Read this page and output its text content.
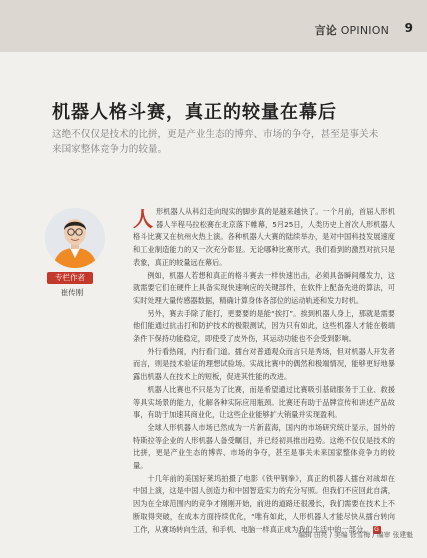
言论 OPINION 9
机器人格斗赛，真正的较量在幕后
这绝不仅仅是技术的比拼，更是产业生态的博弈、市场的争夺，甚至是事关未来国家整体竞争力的较量。
专栏作者
崔传刚

人形机器人从科幻走向现实的脚步真的是越来越快了。一个月前，首届人形机器人半程马拉松赛在北京落下帷幕，5月25日，人类历史上首次人形机器人格斗比赛又在杭州火热上演。各种机器人大赛的陆续举办，是对中国科技发展速度和工业制造能力的又一次充分彰显。无论哪种比赛形式，我们看到的激烈对抗只是表象，真正的较量远在幕后。

例如，机器人若想和真正的格斗赛去一样快速出击，必须具备瞬间爆发力，这就需要它们在硬件上具备实现快速响应的关键部件，在软件上配备先进的算法，可实时处理大量传感器数据，精确计算身体各部位的运动轨迹和发力时机。

另外，赛去手除了能打，更要要的是能“挨打”。挨到机器人身上，那就是需要他们能通过抗击打和防护技术的极限测试，因为只有如此，这些机器人才能在极端条件下保持功能稳定，即使受了皮外伤，其运动功能也不会受到影响。

外行看热闹，内行看门道。擂台对普通观众而言只是秀场，但对机器人开发者而言，则是技术验证的理想试验场。实战比赛中的偶然和极端情况，能够更好地暴露出机器人在技术上的短板，促进其性能的改进。

机器人比赛也不只是为了比赛，而是希望通过比赛吸引基础服务于工业、救援等具实场景的能力，化解各种实际应用瓶颈。比赛还有助于品牌宣传和讲述产品故事，有助于加速其商业化，让这些企业能够扩大销量并实现盈利。

全球人形机器人市场已然成为一片新蓝海，国内的市场研究统计显示，国外的特斯拉等企业的人形机器人备受瞩目，并已经初具推出趋势。这绝不仅仅是技术的比拼，更是产业生态的博弈、市场的争夺，甚至是事关未来国家整体竞争力的较量。

十几年前的美国好莱坞拍摄了电影《铁甲钢拳》，真正的机器人擂台对战却在中国上演，这是中国人创造力和中国智造实力的充分写照。但我们不应回此自满，因为在全球范围内的竞争才刚刚开始，前进的道路还很漫长，我们需要在技术上不断取得突破，在成本方面持续优化，“唯有如此，人形机器人才能尽快从擂台转向工作，从赛场转向生活，和手机、电脑一样真正成为我们生活中的一部分。 G

编辑 田亮 / 美编 徐雪梅 / 编审 张建魁
